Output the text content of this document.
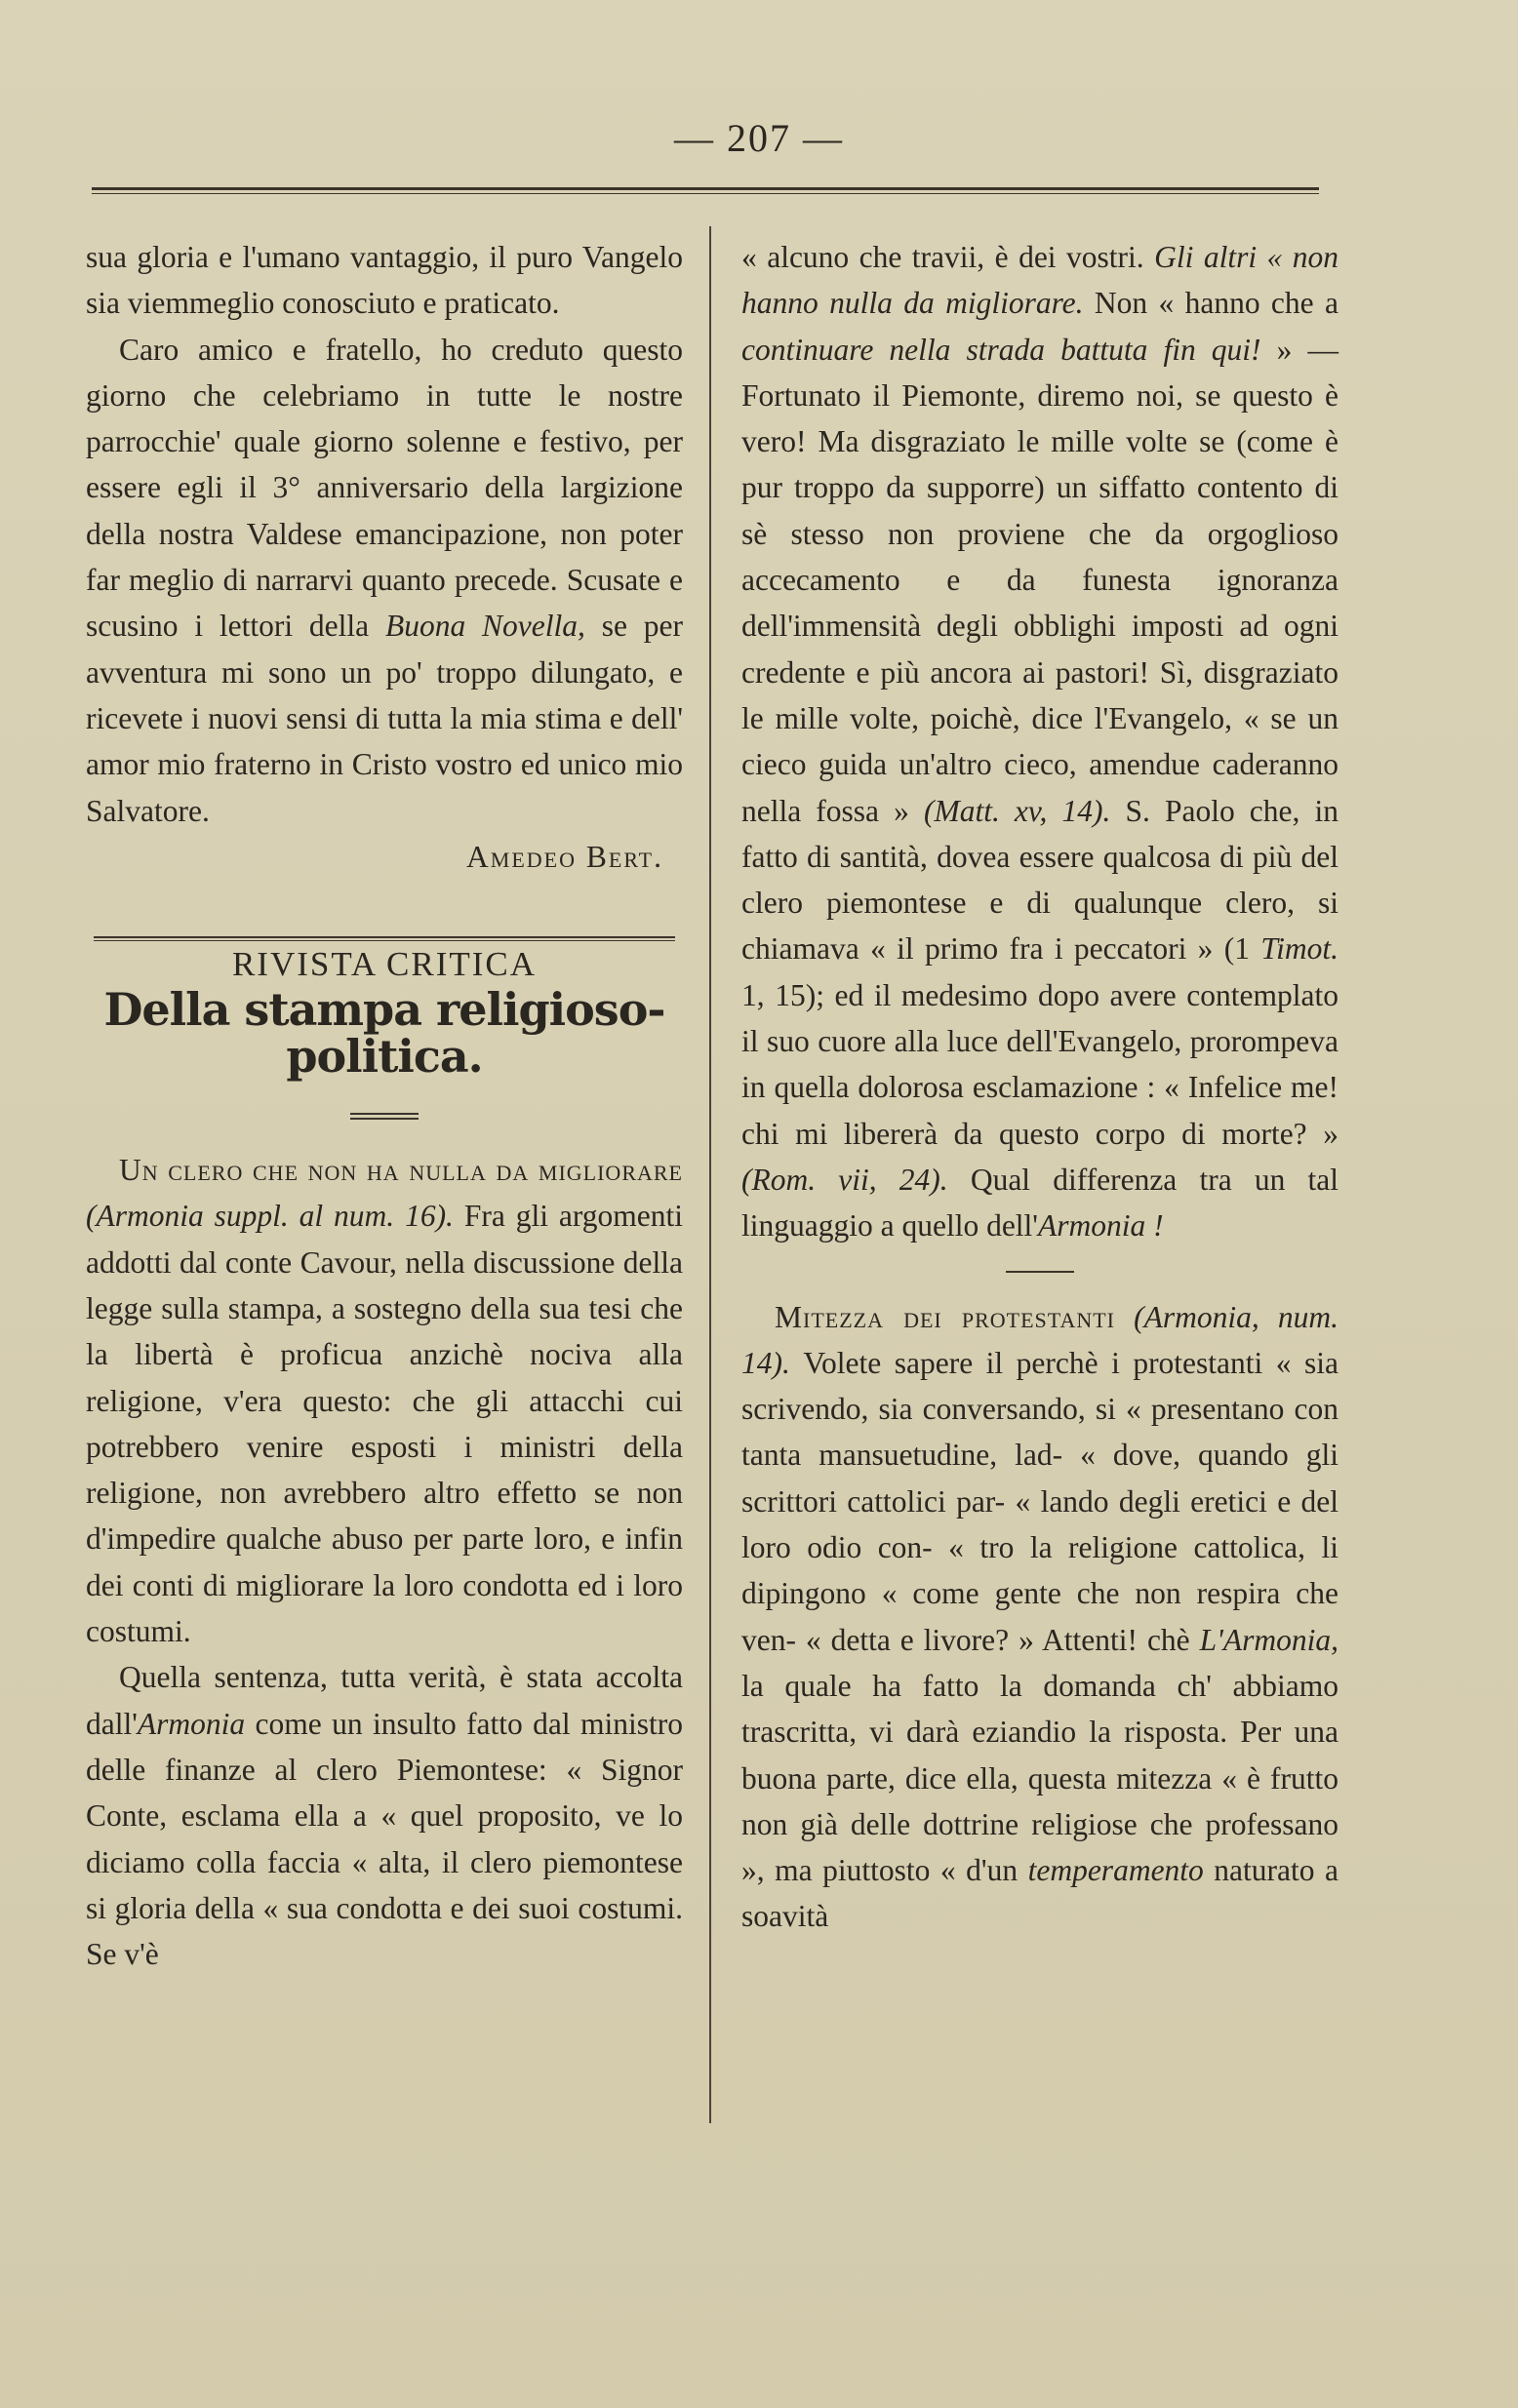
— 207 —

sua gloria e l'umano vantaggio, il puro Vangelo sia viemmeglio conosciuto e praticato.

Caro amico e fratello, ho creduto questo giorno che celebriamo in tutte le nostre parrocchie' quale giorno solenne e festivo, per essere egli il 3° anniversario della largizione della nostra Valdese emancipazione, non poter far meglio di narrarvi quanto precede. Scusate e scusino i lettori della Buona Novella, se per avventura mi sono un po' troppo dilungato, e ricevete i nuovi sensi di tutta la mia stima e dell' amor mio fraterno in Cristo vostro ed unico mio Salvatore.

Amedeo Bert.

RIVISTA CRITICA

Della stampa religioso-politica.

Un clero che non ha nulla da migliorare (Armonia suppl. al num. 16). Fra gli argomenti addotti dal conte Cavour, nella discussione della legge sulla stampa, a sostegno della sua tesi che la libertà è proficua anzichè nociva alla religione, v'era questo: che gli attacchi cui potrebbero venire esposti i ministri della religione, non avrebbero altro effetto se non d'impedire qualche abuso per parte loro, e infin dei conti di migliorare la loro condotta ed i loro costumi.

Quella sentenza, tutta verità, è stata accolta dall'Armonia come un insulto fatto dal ministro delle finanze al clero Piemontese: « Signor Conte, esclama ella a « quel proposito, ve lo diciamo colla faccia « alta, il clero piemontese si gloria della « sua condotta e dei suoi costumi. Se v'è

« alcuno che travii, è dei vostri. Gli altri « non hanno nulla da migliorare. Non « hanno che a continuare nella strada battuta fin qui! » — Fortunato il Piemonte, diremo noi, se questo è vero! Ma disgraziato le mille volte se (come è pur troppo da supporre) un siffatto contento di sè stesso non proviene che da orgoglioso accecamento e da funesta ignoranza dell'immensità degli obblighi imposti ad ogni credente e più ancora ai pastori! Sì, disgraziato le mille volte, poichè, dice l'Evangelo, « se un cieco guida un'altro cieco, amendue caderanno nella fossa » (Matt. xv, 14). S. Paolo che, in fatto di santità, dovea essere qualcosa di più del clero piemontese e di qualunque clero, si chiamava « il primo fra i peccatori » (1 Timot. 1, 15); ed il medesimo dopo avere contemplato il suo cuore alla luce dell'Evangelo, prorompeva in quella dolorosa esclamazione : « Infelice me! chi mi libererà da questo corpo di morte? » (Rom. vii, 24). Qual differenza tra un tal linguaggio a quello dell'Armonia !

Mitezza dei protestanti (Armonia, num. 14). Volete sapere il perchè i protestanti « sia scrivendo, sia conversando, si « presentano con tanta mansuetudine, lad- « dove, quando gli scrittori cattolici par- « lando degli eretici e del loro odio con- « tro la religione cattolica, li dipingono « come gente che non respira che ven- « detta e livore? » Attenti! chè L'Armonia, la quale ha fatto la domanda ch' abbiamo trascritta, vi darà eziandio la risposta. Per una buona parte, dice ella, questa mitezza « è frutto non già delle dottrine religiose che professano », ma piuttosto « d'un temperamento naturato a soavità
